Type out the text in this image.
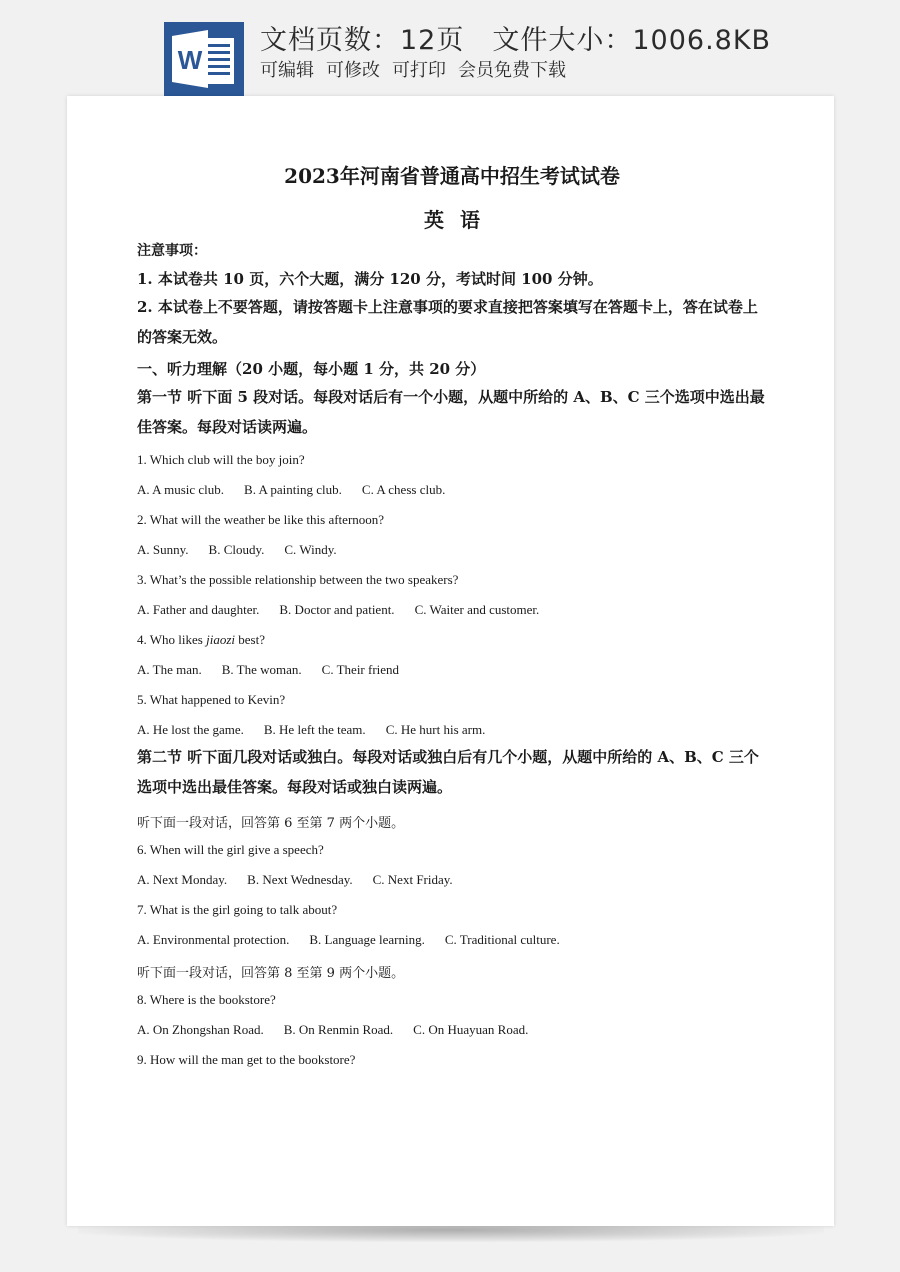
W
文档页数：12页 文件大小：1006.8KB
可编辑 可修改 可打印 会员免费下载
2023年河南省普通高中招生考试试卷
英语
注意事项：
1. 本试卷共 10 页，六个大题，满分 120 分，考试时间 100 分钟。
2. 本试卷上不要答题，请按答题卡上注意事项的要求直接把答案填写在答题卡上，答在试卷上的答案无效。
一、听力理解（20 小题，每小题 1 分，共 20 分）
第一节 听下面 5 段对话。每段对话后有一个小题，从题中所给的 A、B、C 三个选项中选出最佳答案。每段对话读两遍。
1. Which club will the boy join?
A. A music club. B. A painting club. C. A chess club.
2. What will the weather be like this afternoon?
A. Sunny. B. Cloudy. C. Windy.
3. What’s the possible relationship between the two speakers?
A. Father and daughter. B. Doctor and patient. C. Waiter and customer.
4. Who likes jiaozi best?
A. The man. B. The woman. C. Their friend
5. What happened to Kevin?
A. He lost the game. B. He left the team. C. He hurt his arm.
第二节 听下面几段对话或独白。每段对话或独白后有几个小题，从题中所给的 A、B、C 三个选项中选出最佳答案。每段对话或独白读两遍。
听下面一段对话，回答第 6 至第 7 两个小题。
6. When will the girl give a speech?
A. Next Monday. B. Next Wednesday. C. Next Friday.
7. What is the girl going to talk about?
A. Environmental protection. B. Language learning. C. Traditional culture.
听下面一段对话，回答第 8 至第 9 两个小题。
8. Where is the bookstore?
A. On Zhongshan Road. B. On Renmin Road. C. On Huayuan Road.
9. How will the man get to the bookstore?
